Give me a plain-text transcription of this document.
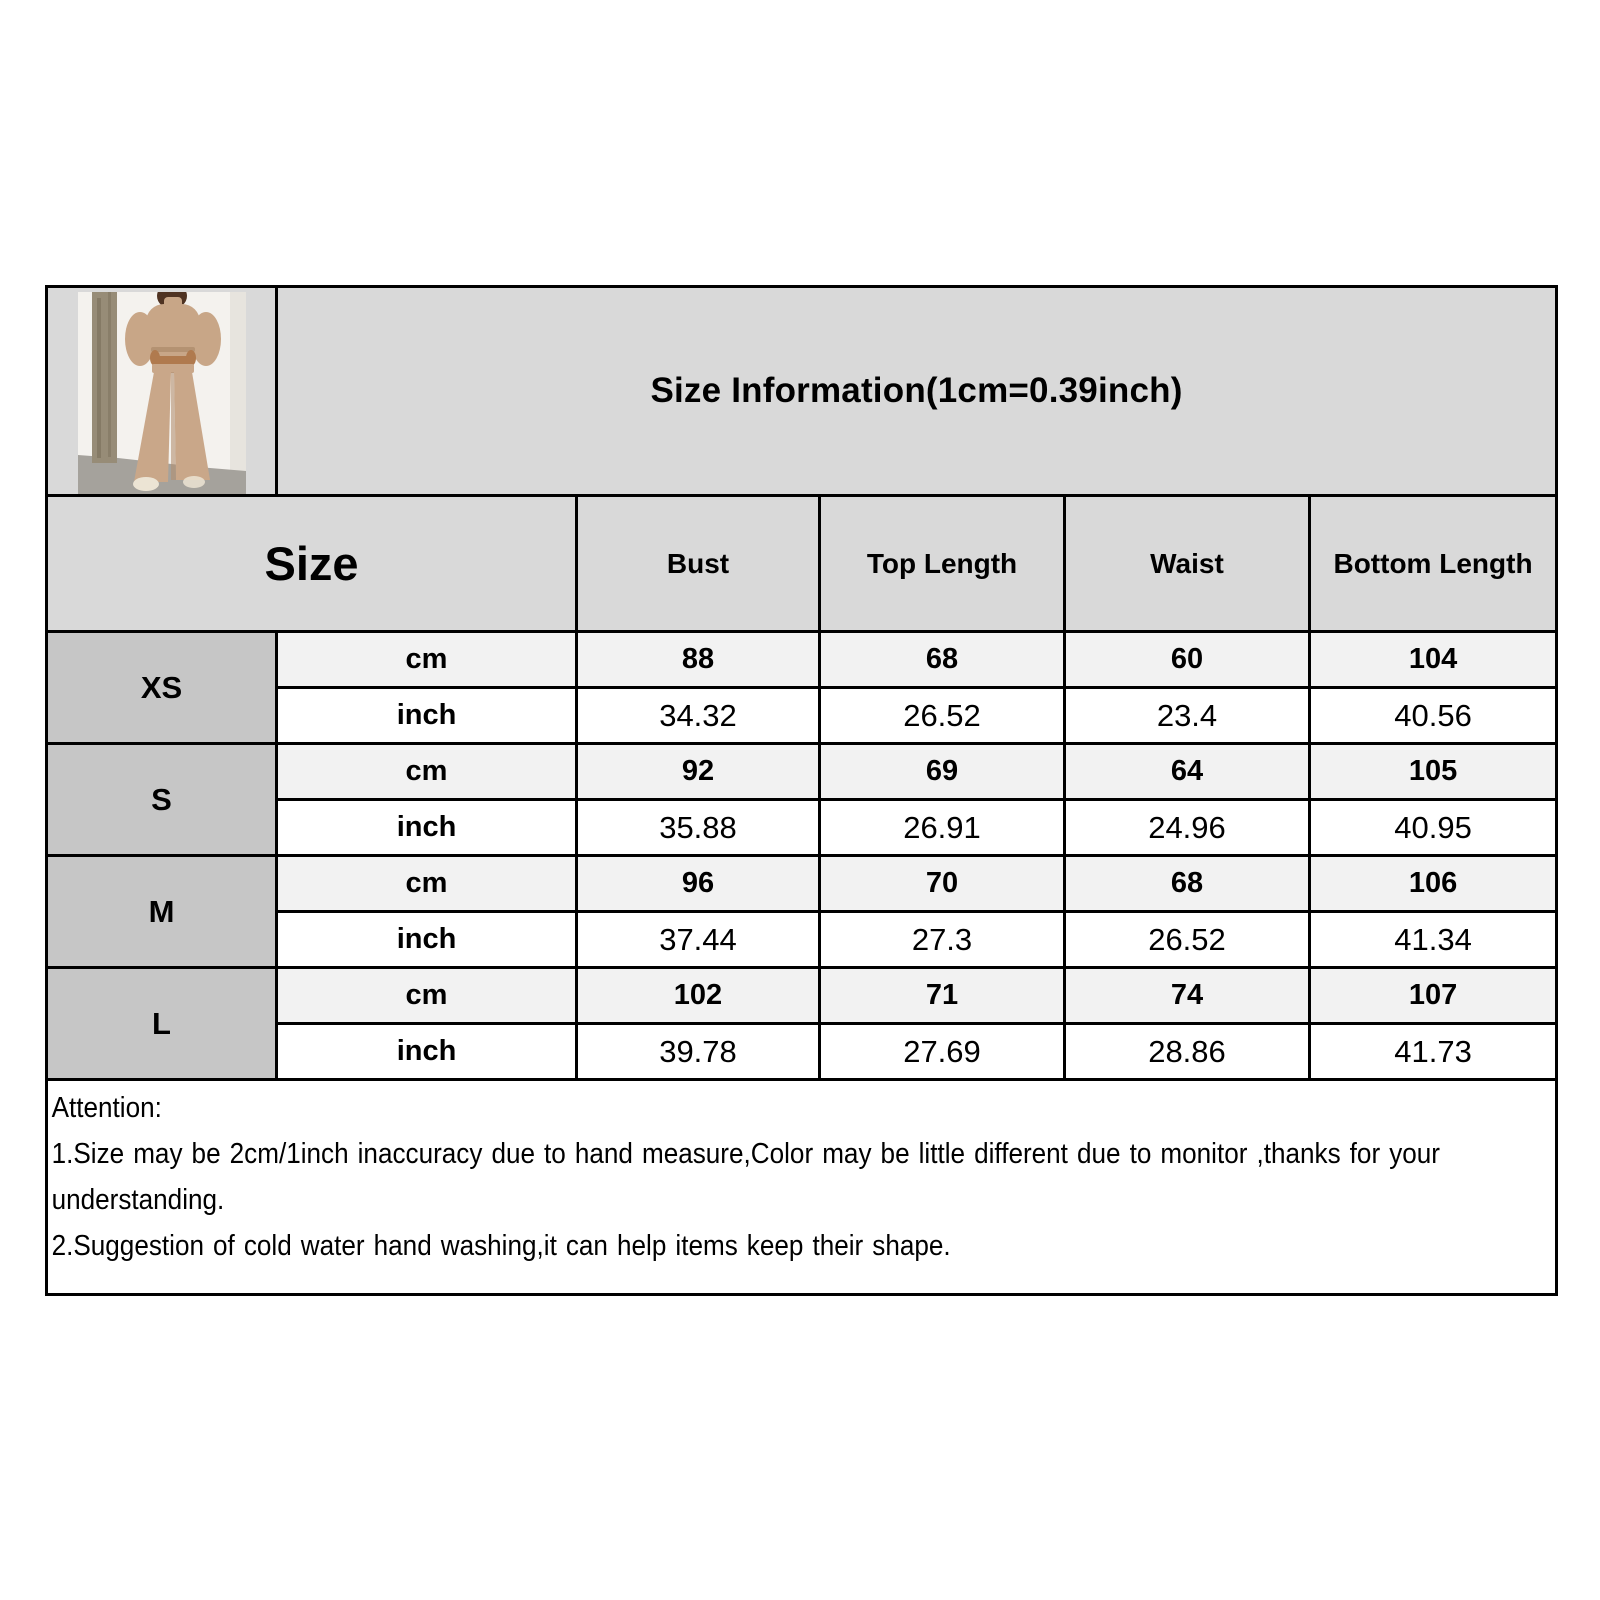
	Size Information(1cm=0.39inch)				
Size		Bust	Top Length	Waist	Bottom Length
XS	cm	88	68	60	104
	inch	34.32	26.52	23.4	40.56
S	cm	92	69	64	105
	inch	35.88	26.91	24.96	40.95
M	cm	96	70	68	106
	inch	37.44	27.3	26.52	41.34
L	cm	102	71	74	107
	inch	39.78	27.69	28.86	41.73

Attention:
1.Size may be 2cm/1inch inaccuracy due to hand measure,Color may be little different due to monitor ,thanks for your understanding.
2.Suggestion of cold water hand washing,it can help items keep their shape.					
